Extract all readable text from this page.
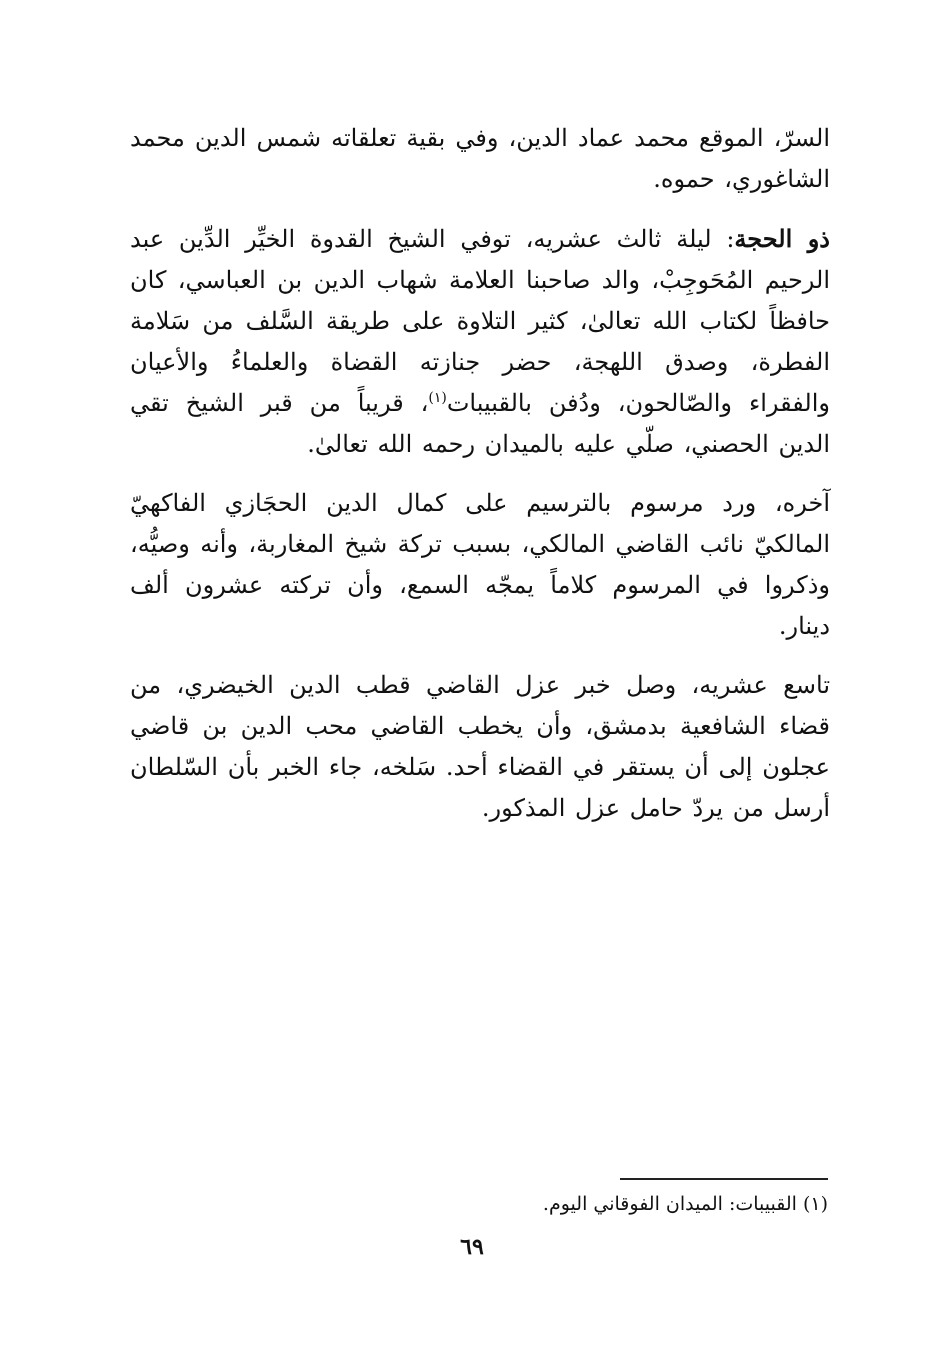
السرّ، الموقع محمد عماد الدين، وفي بقية تعلقاته شمس الدين محمد الشاغوري، حموه.

ذو الحجة: ليلة ثالث عشريه، توفي الشيخ القدوة الخيِّر الدِّين عبد الرحيم المُحَوجِبْ، والد صاحبنا العلامة شهاب الدين بن العباسي، كان حافظاً لكتاب الله تعالىٰ، كثير التلاوة على طريقة السَّلف من سَلامة الفطرة، وصدق اللهجة، حضر جنازته القضاة والعلماءُ والأعيان والفقراء والصّالحون، ودُفن بالقبيبات$^{(١)}$، قريباً من قبر الشيخ تقي الدين الحصني، صلّي عليه بالميدان رحمه الله تعالىٰ.

آخره، ورد مرسوم بالترسيم على كمال الدين الحجَازي الفاكهيّ المالكيّ نائب القاضي المالكي، بسبب تركة شيخ المغاربة، وأنه وصيُّه، وذكروا في المرسوم كلاماً يمجّه السمع، وأن تركته عشرون ألف دينار.

تاسع عشريه، وصل خبر عزل القاضي قطب الدين الخيضري، من قضاء الشافعية بدمشق، وأن يخطب القاضي محب الدين بن قاضي عجلون إلى أن يستقر في القضاء أحد. سَلخه، جاء الخبر بأن السّلطان أرسل من يردّ حامل عزل المذكور.

(١) القبيبات: الميدان الفوقاني اليوم.
٦٩
